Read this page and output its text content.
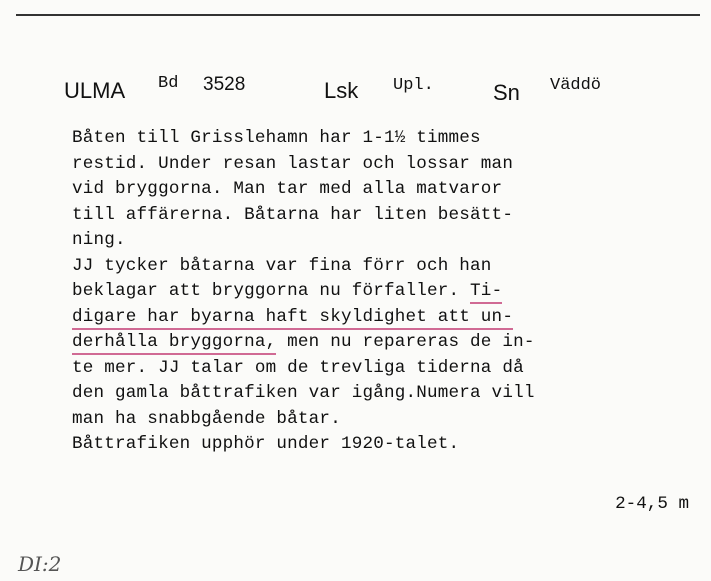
ULMA Bd 3528	Lsk Upl.	Sn Väddö
Båten till Grisslehamn har 1-1½ timmes
restid. Under resan lastar och lossar man
vid bryggorna. Man tar med alla matvaror
till affärerna. Båtarna har liten besätt-
ning.
JJ tycker båtarna var fina förr och han
beklagar att bryggorna nu förfaller. Ti-
digare har byarna haft skyldighet att un-
derhålla bryggorna, men nu repareras de in-
te mer. JJ talar om de trevliga tiderna då
den gamla båttrafiken var igång.Numera vill
man ha snabbgående båtar.
Båttrafiken upphör under 1920-talet.
2-4,5 m
DI:2
